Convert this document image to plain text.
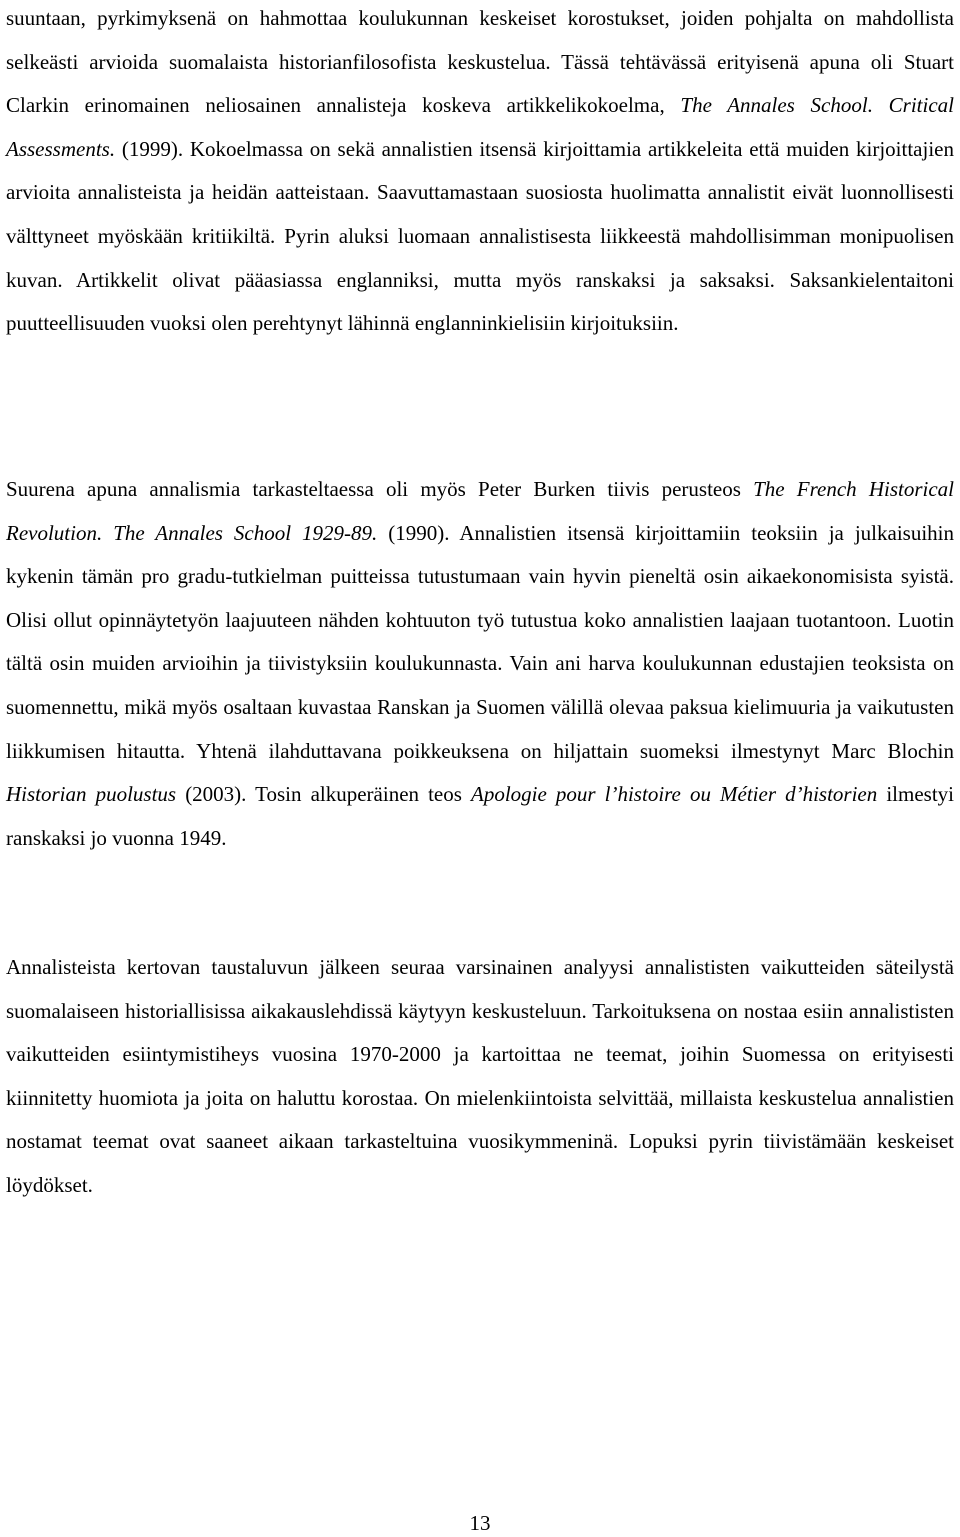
suuntaan, pyrkimyksenä on hahmottaa koulukunnan keskeiset korostukset, joiden pohjalta on mahdollista selkeästi arvioida suomalaista historianfilosofista keskustelua. Tässä tehtävässä erityisenä apuna oli Stuart Clarkin erinomainen neliosainen annalisteja koskeva artikkelikokoelma, The Annales School. Critical Assessments. (1999). Kokoelmassa on sekä annalistien itsensä kirjoittamia artikkeleita että muiden kirjoittajien arvioita annalisteista ja heidän aatteistaan. Saavuttamastaan suosiosta huolimatta annalistit eivät luonnollisesti välttyneet myöskään kritiikiltä. Pyrin aluksi luomaan annalistisesta liikkeestä mahdollisimman monipuolisen kuvan. Artikkelit olivat pääasiassa englanniksi, mutta myös ranskaksi ja saksaksi. Saksankielentaitoni puutteellisuuden vuoksi olen perehtynyt lähinnä englanninkielisiin kirjoituksiin.

Suurena apuna annalismia tarkasteltaessa oli myös Peter Burken tiivis perusteos The French Historical Revolution. The Annales School 1929-89. (1990). Annalistien itsensä kirjoittamiin teoksiin ja julkaisuihin kykenin tämän pro gradu-tutkielman puitteissa tutustumaan vain hyvin pieneltä osin aikaekonomisista syistä. Olisi ollut opinnäytetyön laajuuteen nähden kohtuuton työ tutustua koko annalistien laajaan tuotantoon. Luotin tältä osin muiden arvioihin ja tiivistyksiin koulukunnasta. Vain ani harva koulukunnan edustajien teoksista on suomennettu, mikä myös osaltaan kuvastaa Ranskan ja Suomen välillä olevaa paksua kielimuuria ja vaikutusten liikkumisen hitautta. Yhtenä ilahduttavana poikkeuksena on hiljattain suomeksi ilmestynyt Marc Blochin Historian puolustus (2003). Tosin alkuperäinen teos Apologie pour l’histoire ou Métier d’historien ilmestyi ranskaksi jo vuonna 1949.

Annalisteista kertovan taustaluvun jälkeen seuraa varsinainen analyysi annalististen vaikutteiden säteilystä suomalaiseen historiallisissa aikakauslehdissä käytyyn keskusteluun. Tarkoituksena on nostaa esiin annalististen vaikutteiden esiintymistiheys vuosina 1970-2000 ja kartoittaa ne teemat, joihin Suomessa on erityisesti kiinnitetty huomiota ja joita on haluttu korostaa. On mielenkiintoista selvittää, millaista keskustelua annalistien nostamat teemat ovat saaneet aikaan tarkasteltuina vuosikymmeninä. Lopuksi pyrin tiivistämään keskeiset löydökset.

13
